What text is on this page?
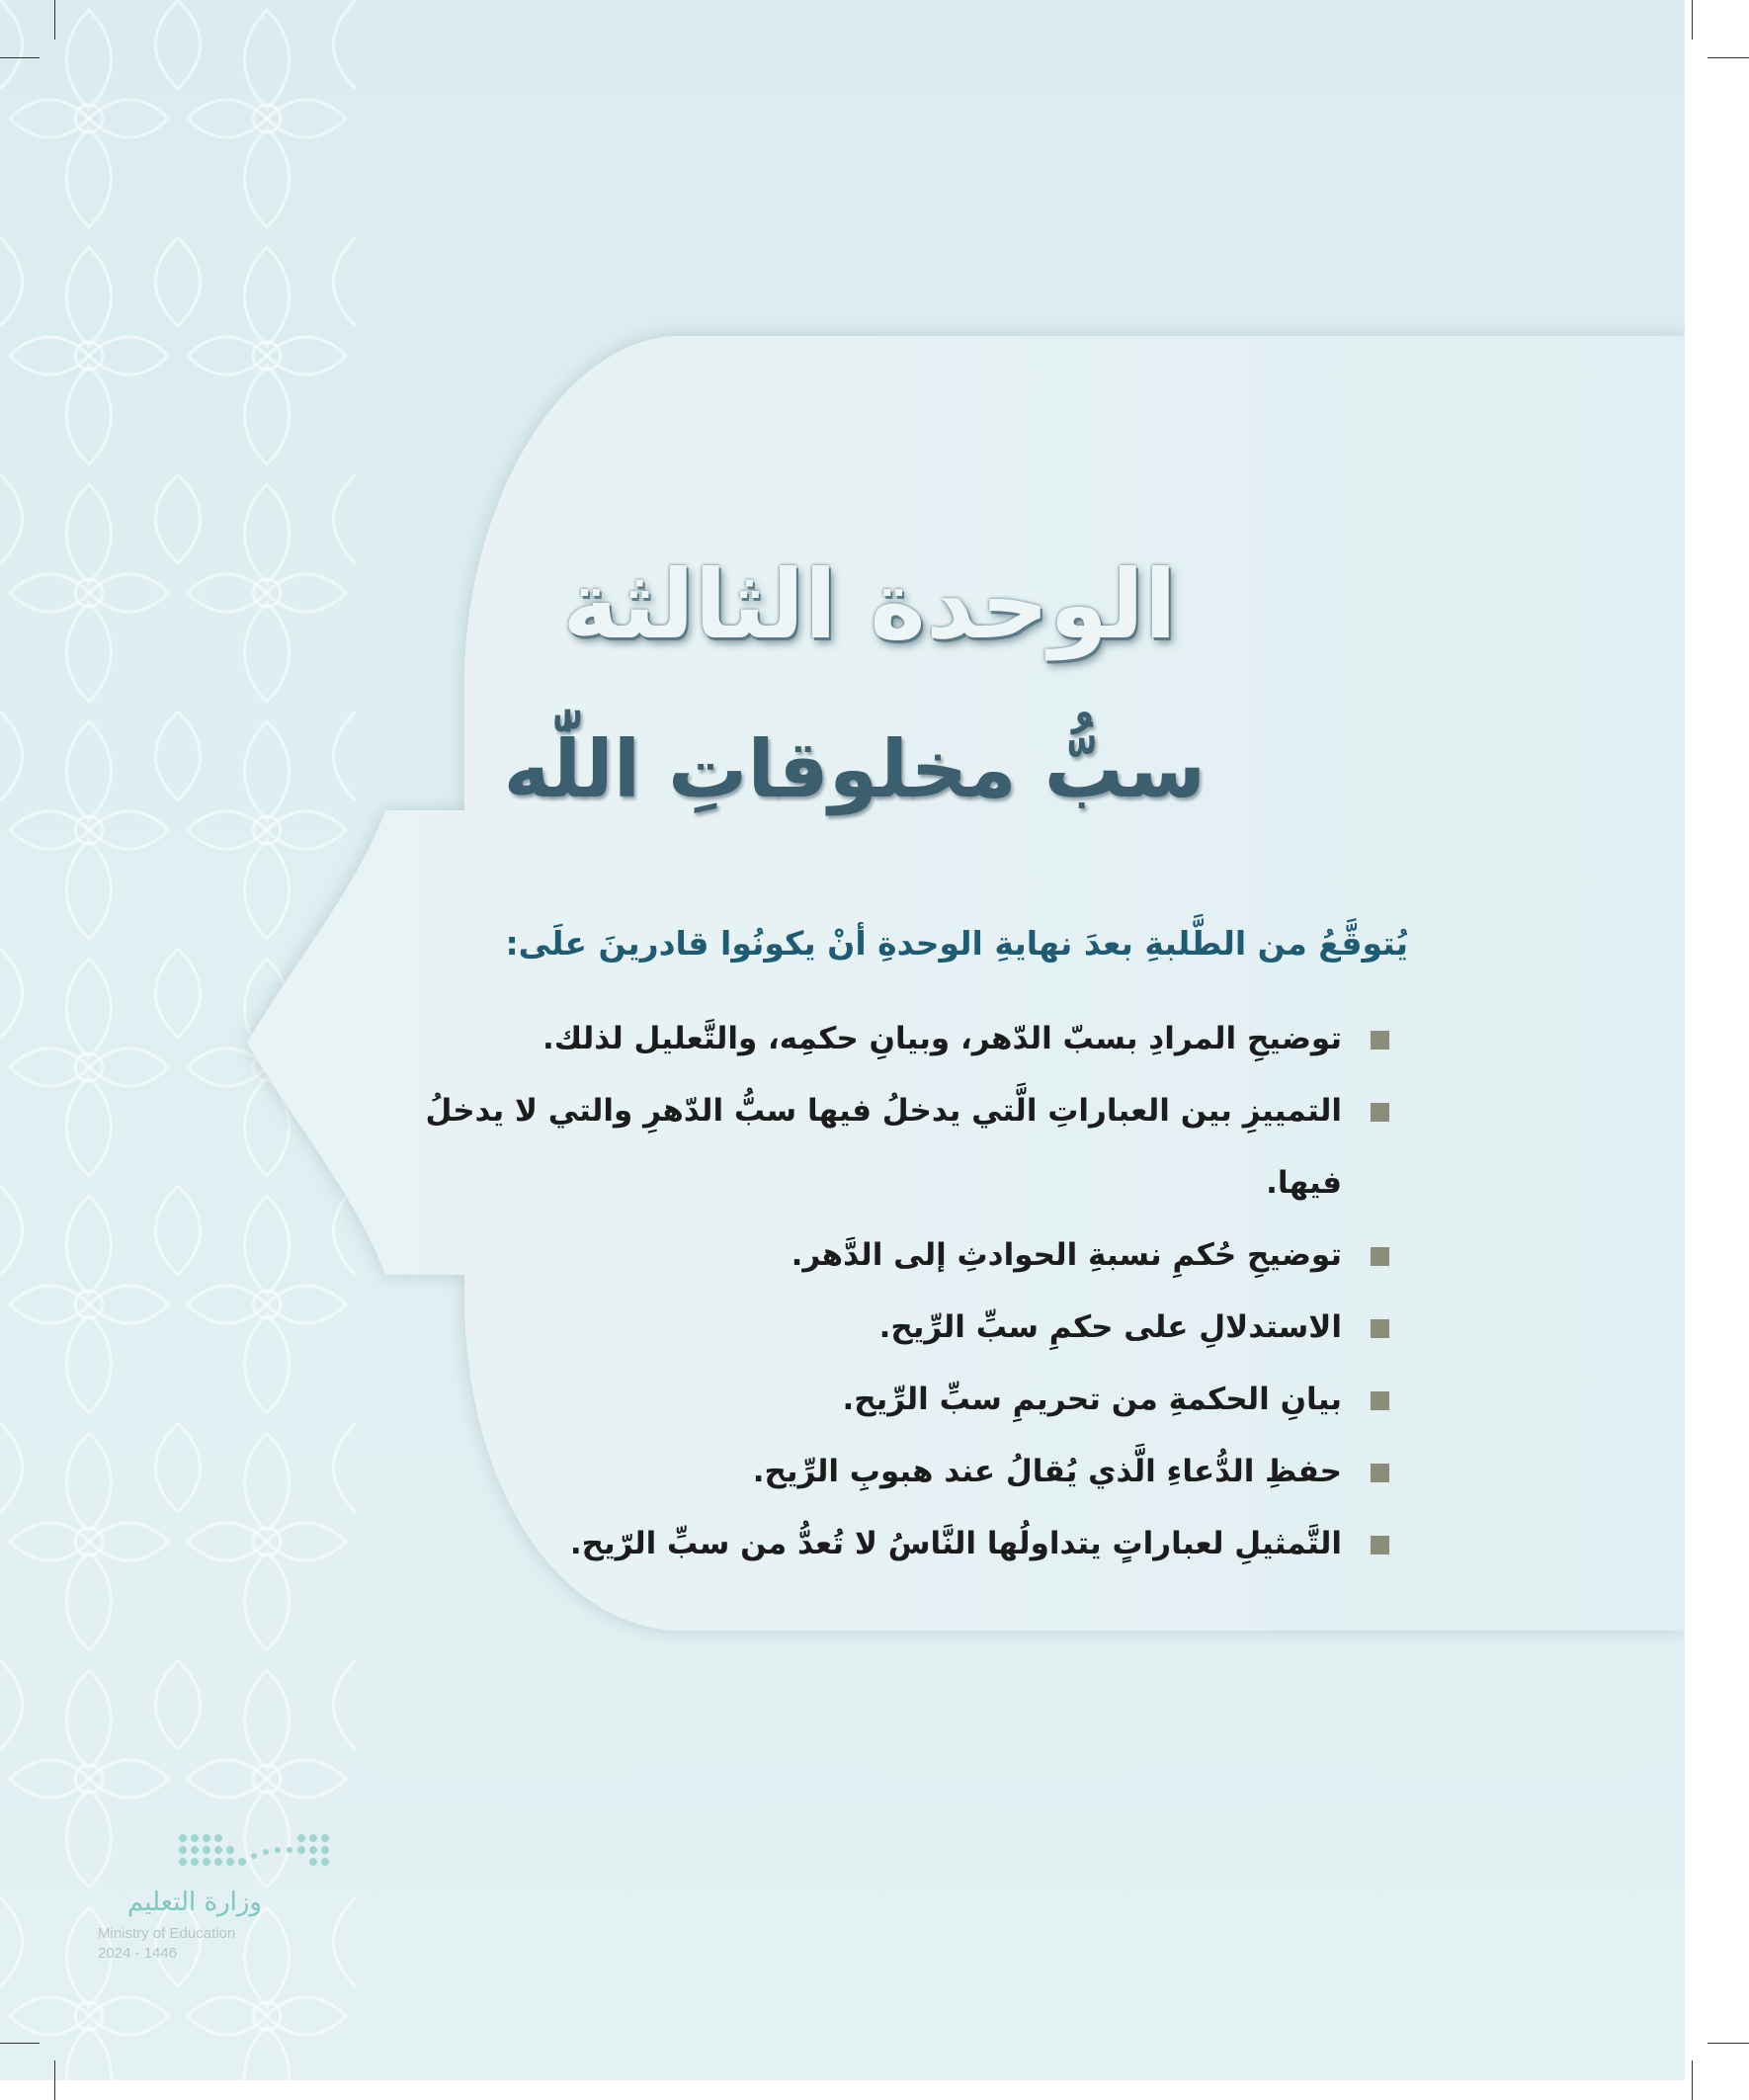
الوحدة الثالثة
سبُّ مخلوقاتِ اللّٰه
يُتوقَّعُ من الطَّلبةِ بعدَ نهايةِ الوحدةِ أنْ يكونُوا قادرينَ علَى:
توضيحِ المرادِ بسبّ الدّهر، وبيانِ حكمِه، والتَّعليل لذلك.
التمييزِ بين العباراتِ الَّتي يدخلُ فيها سبُّ الدّهرِ والتي لا يدخلُ فيها.
توضيحِ حُكمِ نسبةِ الحوادثِ إلى الدَّهر.
الاستدلالِ على حكمِ سبِّ الرِّيح.
بيانِ الحكمةِ من تحريمِ سبِّ الرِّيح.
حفظِ الدُّعاءِ الَّذي يُقالُ عند هبوبِ الرِّيح.
التَّمثيلِ لعباراتٍ يتداولُها النَّاسُ لا تُعدُّ من سبِّ الرّيح.
وزارة التعليم
Ministry of Education
2024 - 1446
